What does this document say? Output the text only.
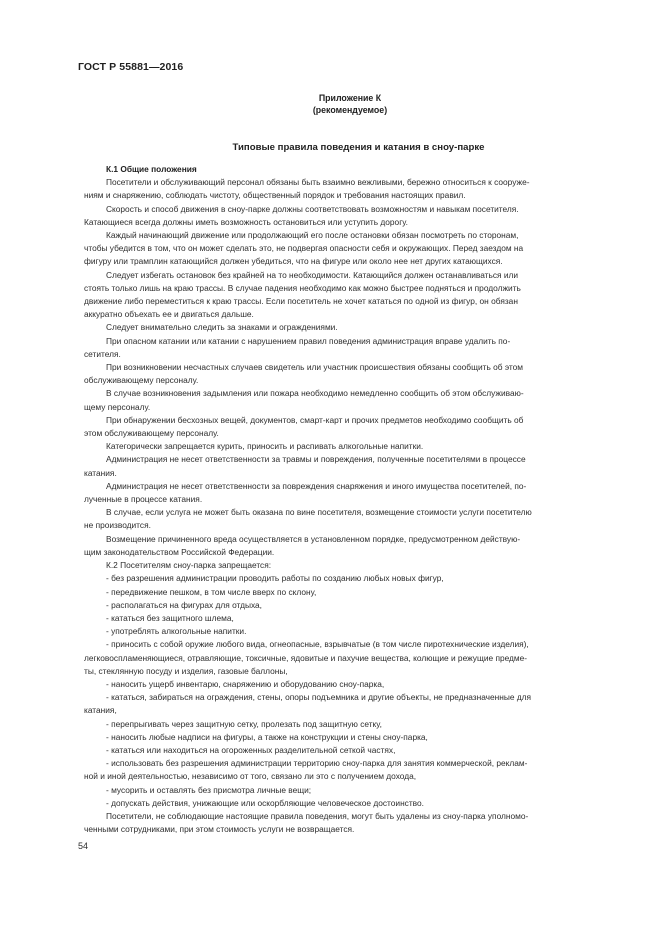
ГОСТ Р 55881—2016
Приложение К
(рекомендуемое)
Типовые правила поведения и катания в сноу-парке

К.1 Общие положения

Посетители и обслуживающий персонал обязаны быть взаимно вежливыми, бережно относиться к сооруже-

ниям и снаряжению, соблюдать чистоту, общественный порядок и требования настоящих правил.

Скорость и способ движения в сноу-парке должны соответствовать возможностям и навыкам посетителя.

Катающиеся всегда должны иметь возможность остановиться или уступить дорогу.

Каждый начинающий движение или продолжающий его после остановки обязан посмотреть по сторонам,

чтобы убедится в том, что он может сделать это, не подвергая опасности себя и окружающих. Перед заездом на

фигуру или трамплин катающийся должен убедиться, что на фигуре или около нее нет других катающихся.

Следует избегать остановок без крайней на то необходимости. Катающийся должен останавливаться или

стоять только лишь на краю трассы. В случае падения необходимо как можно быстрее подняться и продолжить

движение либо переместиться к краю трассы. Если посетитель не хочет кататься по одной из фигур, он обязан

аккуратно объехать ее и двигаться дальше.

Следует внимательно следить за знаками и ограждениями.

При опасном катании или катании с нарушением правил поведения администрация вправе удалить по-

сетителя.

При возникновении несчастных случаев свидетель или участник происшествия обязаны сообщить об этом

обслуживающему персоналу.

В случае возникновения задымления или пожара необходимо немедленно сообщить об этом обслуживаю-

щему персоналу.

При обнаружении бесхозных вещей, документов, смарт-карт и прочих предметов необходимо сообщить об

этом обслуживающему персоналу.

Категорически запрещается курить, приносить и распивать алкогольные напитки.

Администрация не несет ответственности за травмы и повреждения, полученные посетителями в процессе

катания.

Администрация не несет ответственности за повреждения снаряжения и иного имущества посетителей, по-

лученные в процессе катания.

В случае, если услуга не может быть оказана по вине посетителя, возмещение стоимости услуги посетителю

не производится.

Возмещение причиненного вреда осуществляется в установленном порядке, предусмотренном действую-

щим законодательством Российской Федерации.

К.2 Посетителям сноу-парка запрещается:

- без разрешения администрации проводить работы по созданию любых новых фигур,

- передвижение пешком, в том числе вверх по склону,

- располагаться на фигурах для отдыха,

- кататься без защитного шлема,

- употреблять алкогольные напитки.

- приносить с собой оружие любого вида, огнеопасные, взрывчатые (в том числе пиротехнические изделия),

легковоспламеняющиеся, отравляющие, токсичные, ядовитые и пахучие вещества, колющие и режущие предме-

ты, стеклянную посуду и изделия, газовые баллоны,

- наносить ущерб инвентарю, снаряжению и оборудованию сноу-парка,

- кататься, забираться на ограждения, стены, опоры подъемника и другие объекты, не предназначенные для

катания,

- перепрыгивать через защитную сетку, пролезать под защитную сетку,

- наносить любые надписи на фигуры, а также на конструкции и стены сноу-парка,

- кататься или находиться на огороженных разделительной сеткой частях,

- использовать без разрешения администрации территорию сноу-парка для занятия коммерческой, реклам-

ной и иной деятельностью, независимо от того, связано ли это с получением дохода,

- мусорить и оставлять без присмотра личные вещи;

- допускать действия, унижающие или оскорбляющие человеческое достоинство.

Посетители, не соблюдающие настоящие правила поведения, могут быть удалены из сноу-парка уполномо-

ченными сотрудниками, при этом стоимость услуги не возвращается.

54
